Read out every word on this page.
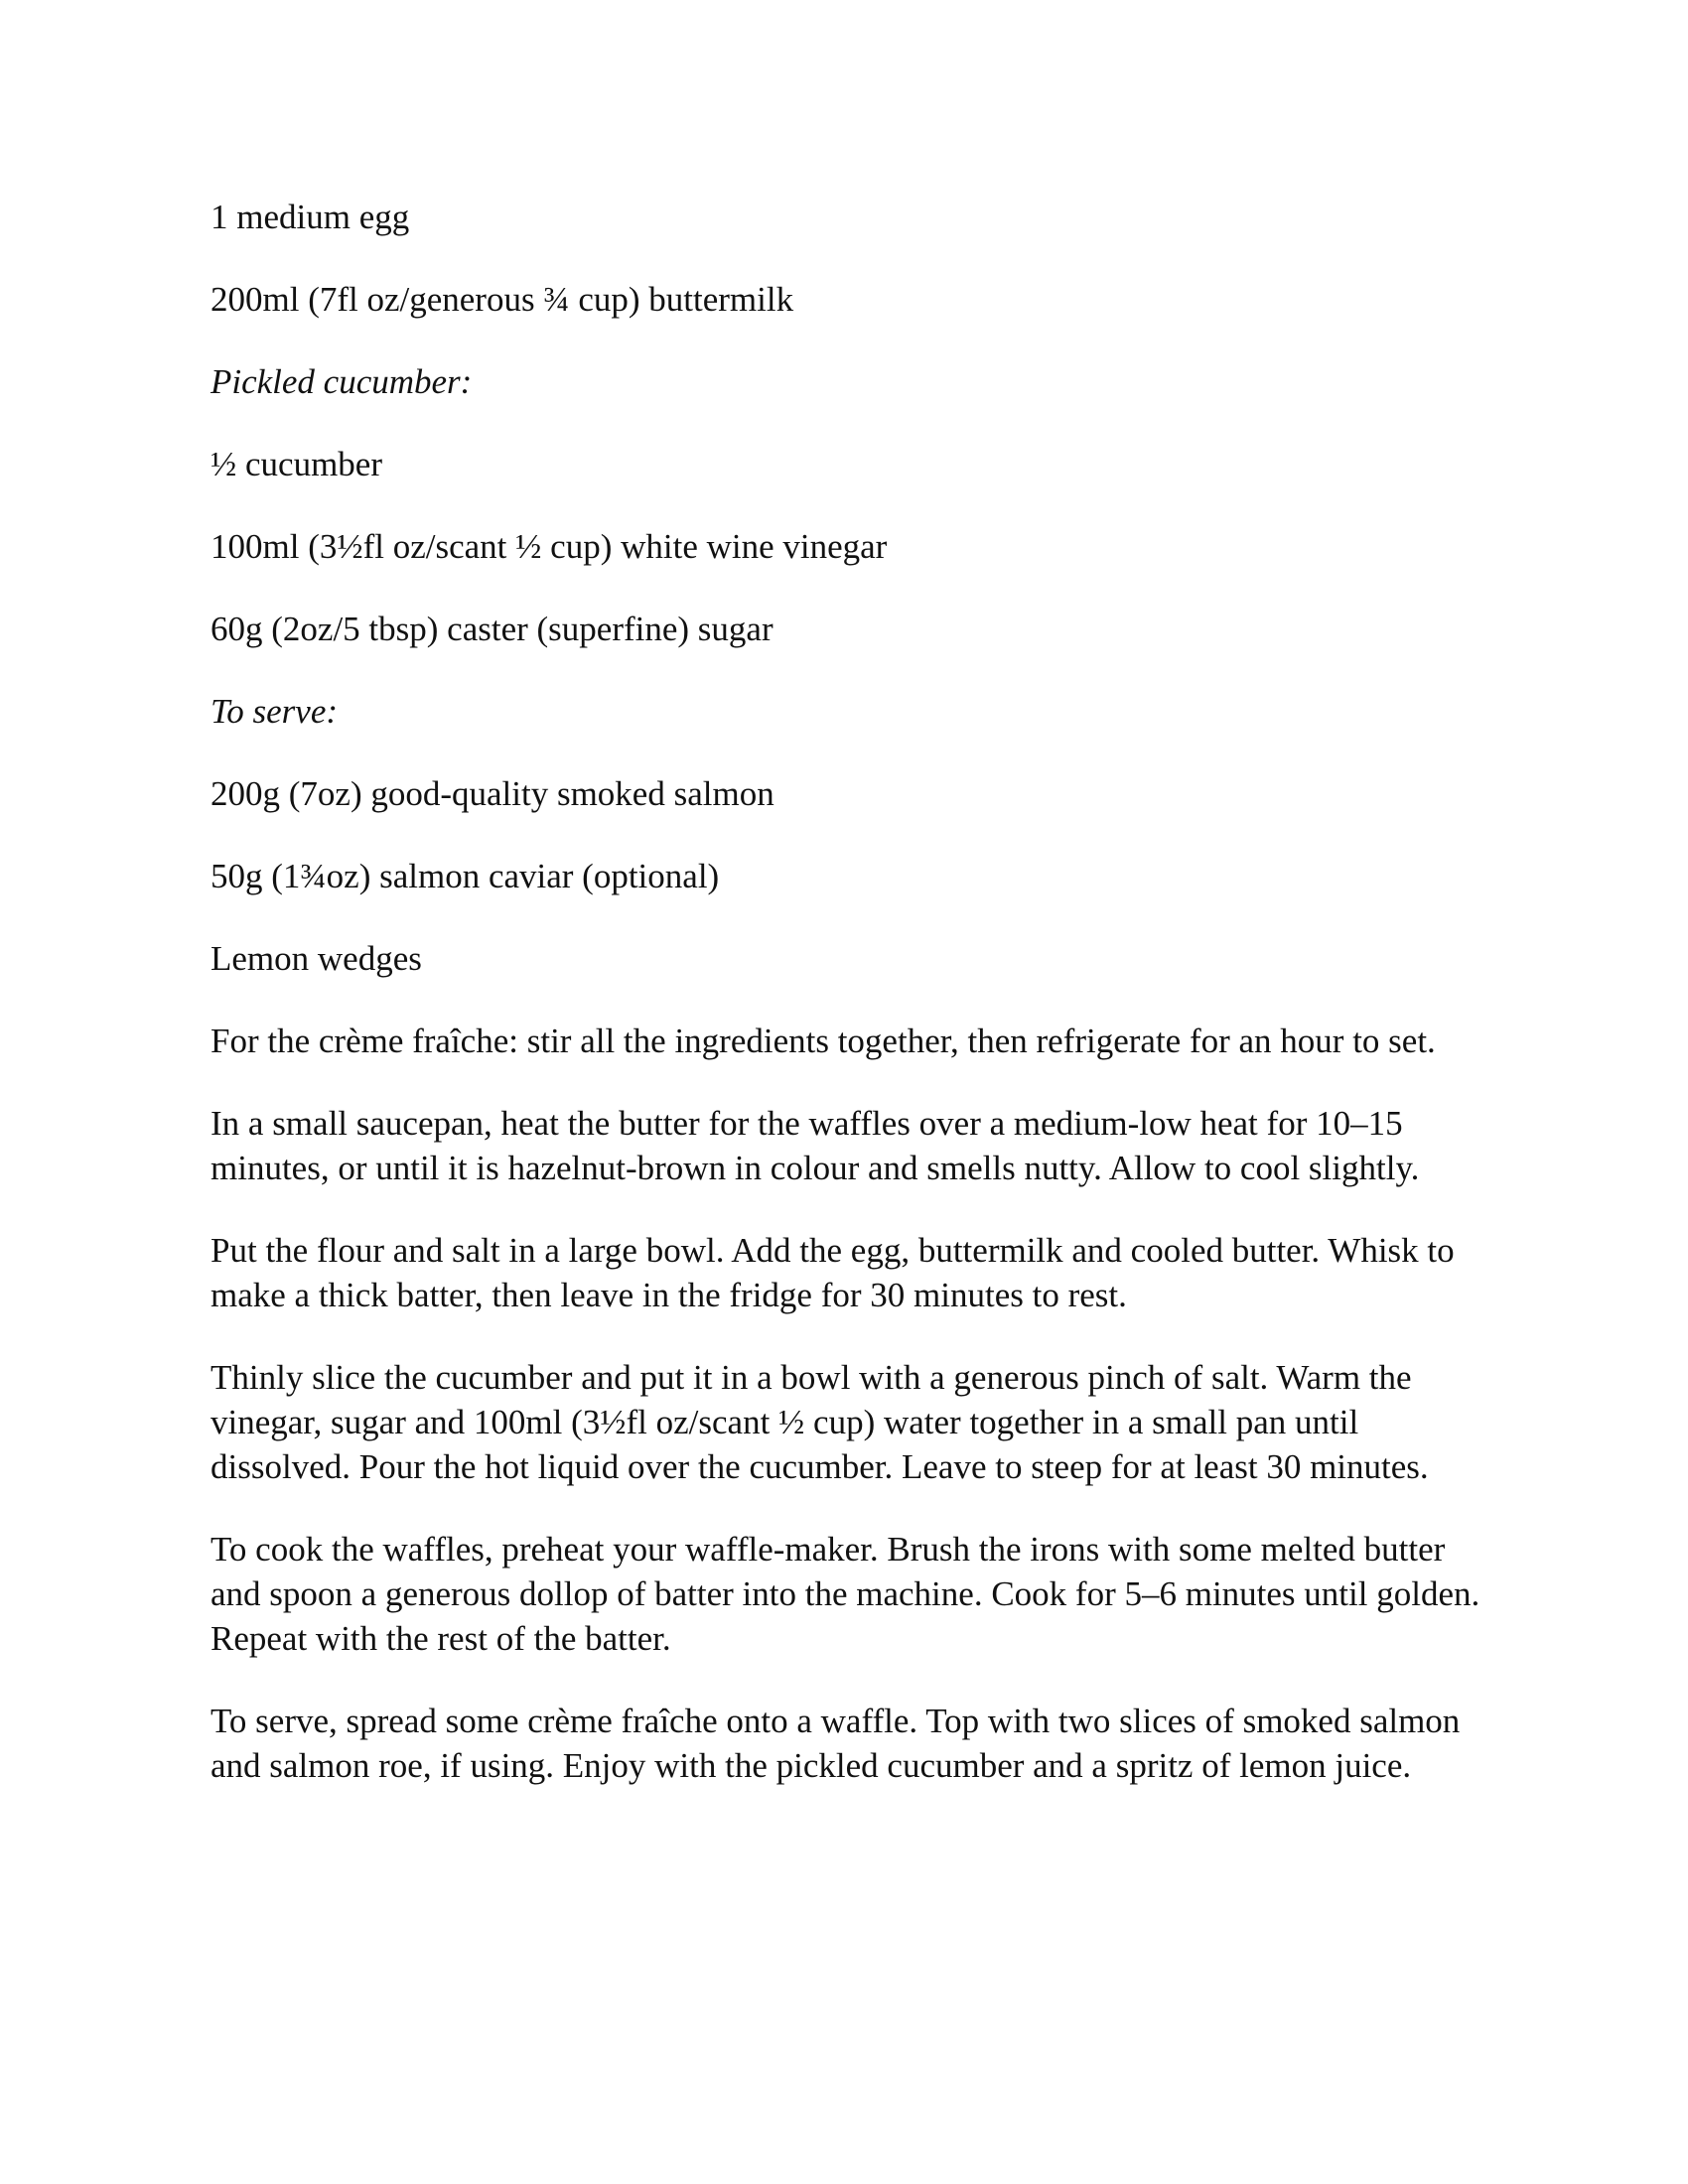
1 medium egg

200ml (7fl oz/generous ¾ cup) buttermilk

Pickled cucumber:

½ cucumber

100ml (3½fl oz/scant ½ cup) white wine vinegar

60g (2oz/5 tbsp) caster (superfine) sugar

To serve:

200g (7oz) good-quality smoked salmon

50g (1¾oz) salmon caviar (optional)

Lemon wedges

For the crème fraîche: stir all the ingredients together, then refrigerate for an hour to set.

In a small saucepan, heat the butter for the waffles over a medium-low heat for 10–15 minutes, or until it is hazelnut-brown in colour and smells nutty. Allow to cool slightly.

Put the flour and salt in a large bowl. Add the egg, buttermilk and cooled butter. Whisk to make a thick batter, then leave in the fridge for 30 minutes to rest.

Thinly slice the cucumber and put it in a bowl with a generous pinch of salt. Warm the vinegar, sugar and 100ml (3½fl oz/scant ½ cup) water together in a small pan until dissolved. Pour the hot liquid over the cucumber. Leave to steep for at least 30 minutes.

To cook the waffles, preheat your waffle-maker. Brush the irons with some melted butter and spoon a generous dollop of batter into the machine. Cook for 5–6 minutes until golden. Repeat with the rest of the batter.

To serve, spread some crème fraîche onto a waffle. Top with two slices of smoked salmon and salmon roe, if using. Enjoy with the pickled cucumber and a spritz of lemon juice.
